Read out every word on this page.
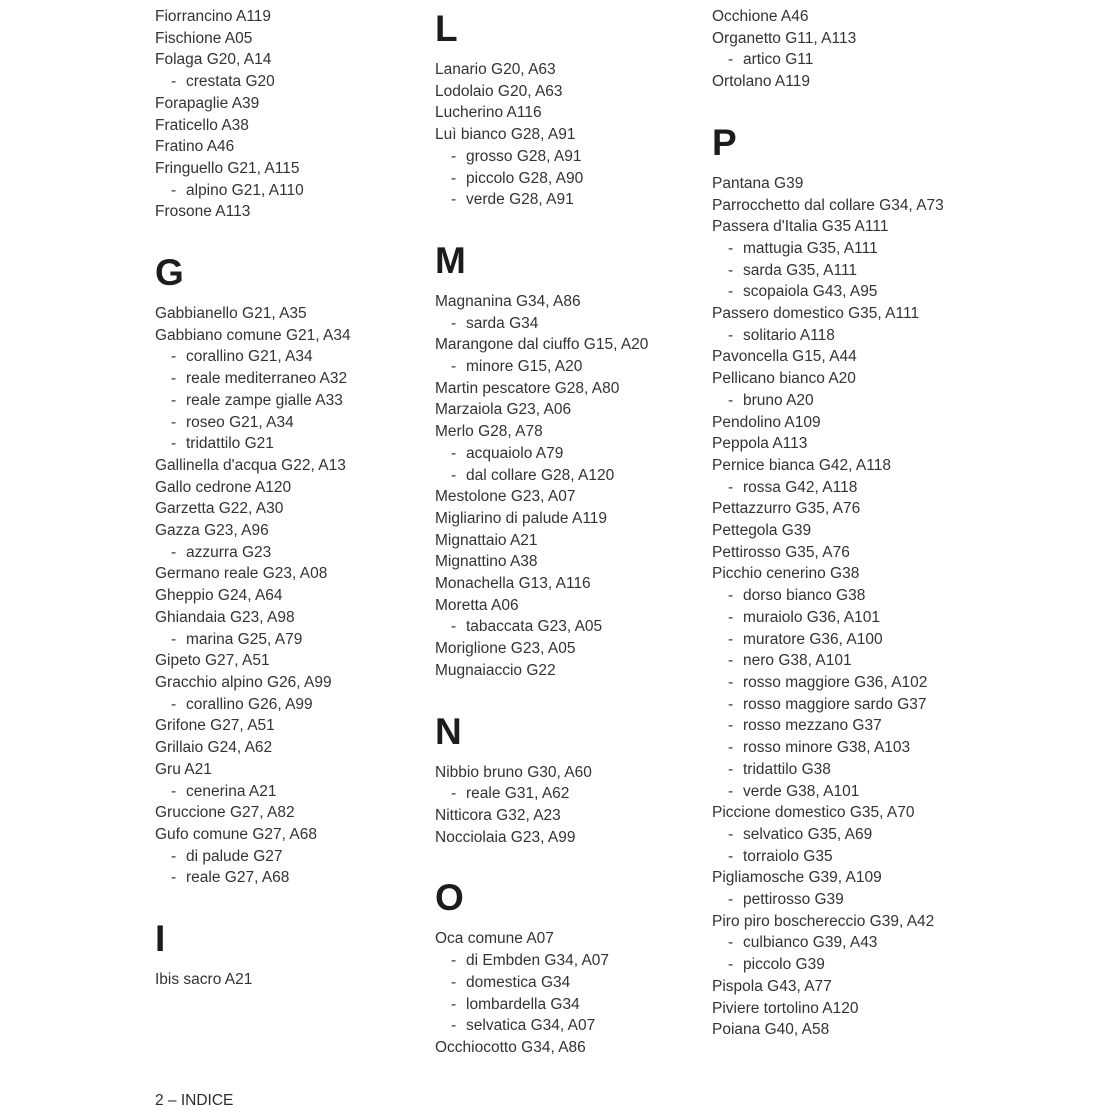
Fiorrancino A119
Fischione A05
Folaga G20, A14
- crestata G20
Forapaglie A39
Fraticello A38
Fratino A46
Fringuello G21, A115
- alpino G21, A110
Frosone A113
G
Gabbianello G21, A35
Gabbiano comune G21, A34
- corallino G21, A34
- reale mediterraneo A32
- reale zampe gialle A33
- roseo G21, A34
- tridattilo G21
Gallinella d'acqua G22, A13
Gallo cedrone A120
Garzetta G22, A30
Gazza G23, A96
- azzurra G23
Germano reale G23, A08
Gheppio G24, A64
Ghiandaia G23, A98
- marina G25, A79
Gipeto G27, A51
Gracchio alpino G26, A99
- corallino G26, A99
Grifone G27, A51
Grillaio G24, A62
Gru A21
- cenerina A21
Gruccione G27, A82
Gufo comune G27, A68
- di palude G27
- reale G27, A68
I
Ibis sacro A21
L
Lanario G20, A63
Lodolaio G20, A63
Lucherino A116
Luì bianco G28, A91
- grosso G28, A91
- piccolo G28, A90
- verde G28, A91
M
Magnanina G34, A86
- sarda G34
Marangone dal ciuffo G15, A20
- minore G15, A20
Martin pescatore G28, A80
Marzaiola G23, A06
Merlo G28, A78
- acquaiolo A79
- dal collare G28, A120
Mestolone G23, A07
Migliarino di palude A119
Mignattaio A21
Mignattino A38
Monachella G13, A116
Moretta A06
- tabaccata G23, A05
Moriglione G23, A05
Mugnaiaccio G22
N
Nibbio bruno G30, A60
- reale G31, A62
Nitticora G32, A23
Nocciolaia G23, A99
O
Oca comune A07
- di Embden G34, A07
- domestica G34
- lombardella G34
- selvatica G34, A07
Occhiocotto G34, A86
Occhione A46
Organetto G11, A113
- artico G11
Ortolano A119
P
Pantana G39
Parrocchetto dal collare G34, A73
Passera d'Italia G35 A111
- mattugia G35, A111
- sarda G35, A111
- scopaiola G43, A95
Passero domestico G35, A111
- solitario A118
Pavoncella G15, A44
Pellicano bianco A20
- bruno A20
Pendolino A109
Peppola A113
Pernice bianca G42, A118
- rossa G42, A118
Pettazzurro G35, A76
Pettegola G39
Pettirosso G35, A76
Picchio cenerino G38
- dorso bianco G38
- muraiolo G36, A101
- muratore G36, A100
- nero G38, A101
- rosso maggiore G36, A102
- rosso maggiore sardo G37
- rosso mezzano G37
- rosso minore G38, A103
- tridattilo G38
- verde G38, A101
Piccione domestico G35, A70
- selvatico G35, A69
- torraiolo G35
Pigliamosche G39, A109
- pettirosso G39
Piro piro boschereccio G39, A42
- culbianco G39, A43
- piccolo G39
Pispola G43, A77
Piviere tortolino A120
Poiana G40, A58
2 – INDICE
